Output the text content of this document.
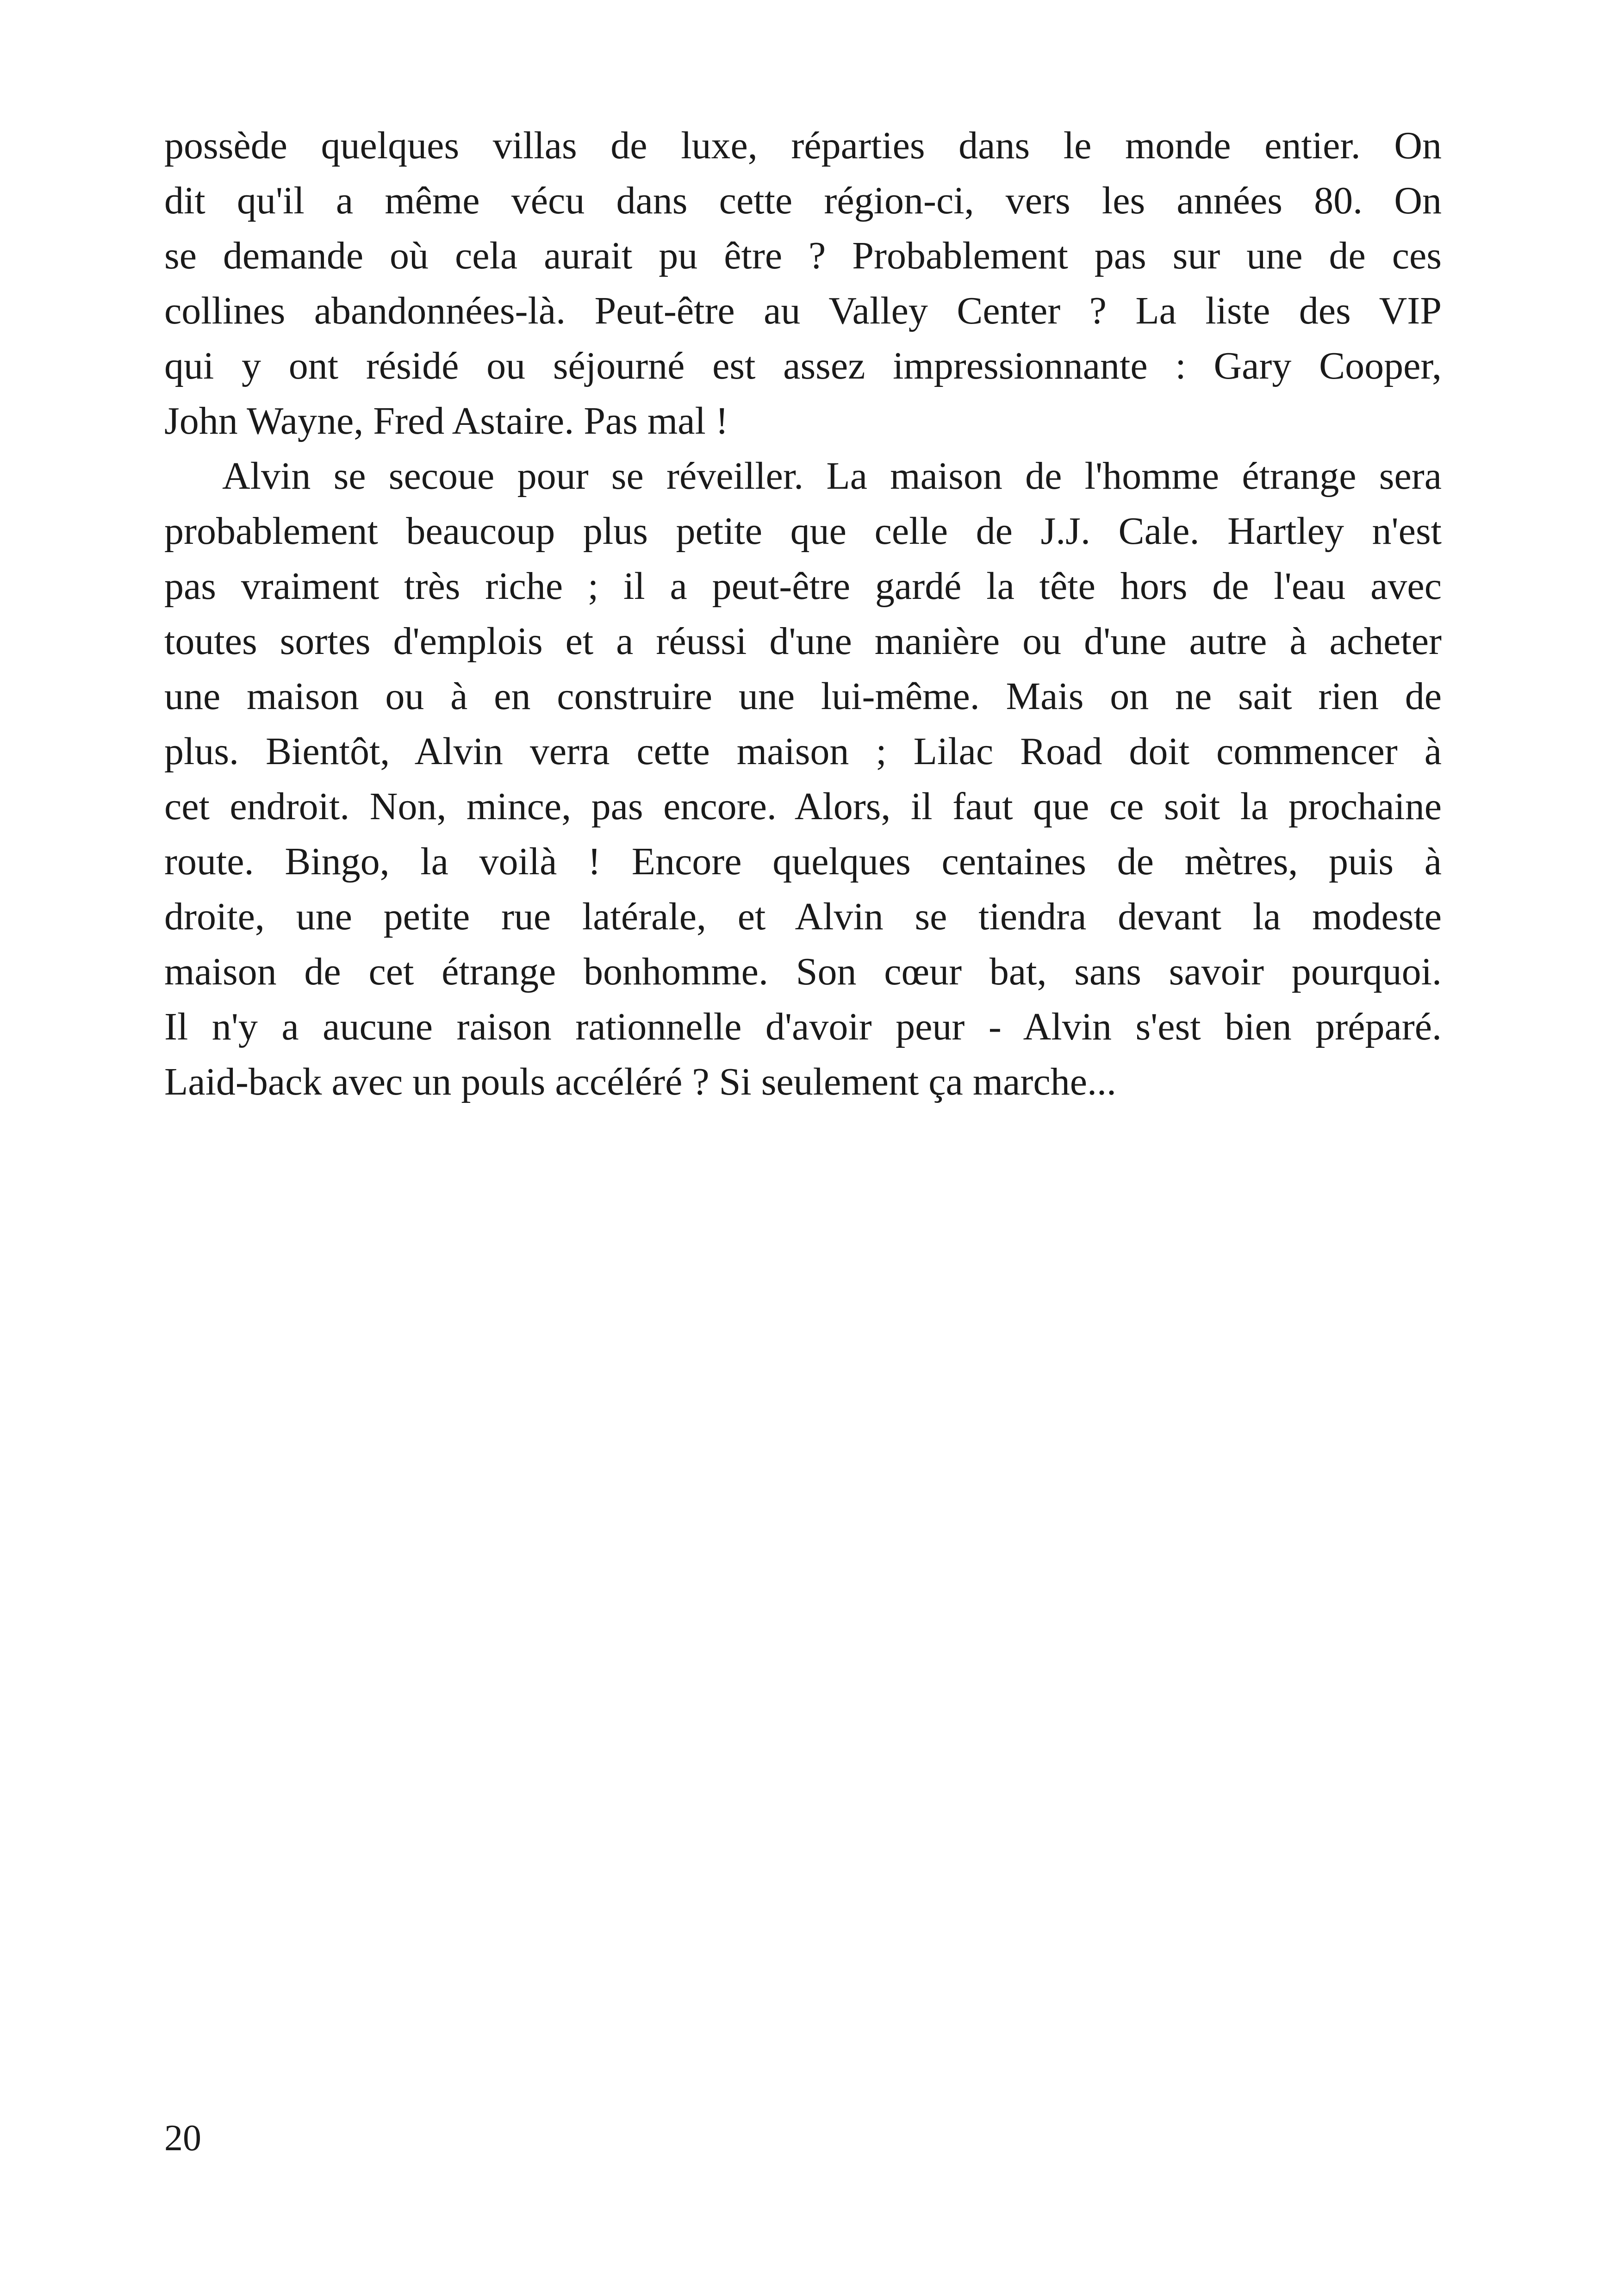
possède quelques villas de luxe, réparties dans le monde entier. On
dit qu'il a même vécu dans cette région-ci, vers les années 80. On
se demande où cela aurait pu être ? Probablement pas sur une de ces
collines abandonnées-là. Peut-être au Valley Center ? La liste des VIP
qui y ont résidé ou séjourné est assez impressionnante : Gary Cooper,
John Wayne, Fred Astaire. Pas mal !

Alvin se secoue pour se réveiller. La maison de l'homme étrange sera
probablement beaucoup plus petite que celle de J.J. Cale. Hartley n'est
pas vraiment très riche ; il a peut-être gardé la tête hors de l'eau avec
toutes sortes d'emplois et a réussi d'une manière ou d'une autre à acheter
une maison ou à en construire une lui-même. Mais on ne sait rien de
plus. Bientôt, Alvin verra cette maison ; Lilac Road doit commencer à
cet endroit. Non, mince, pas encore. Alors, il faut que ce soit la prochaine
route. Bingo, la voilà ! Encore quelques centaines de mètres, puis à
droite, une petite rue latérale, et Alvin se tiendra devant la modeste
maison de cet étrange bonhomme. Son cœur bat, sans savoir pourquoi.
Il n'y a aucune raison rationnelle d'avoir peur - Alvin s'est bien préparé.
Laid-back avec un pouls accéléré ? Si seulement ça marche...

20
